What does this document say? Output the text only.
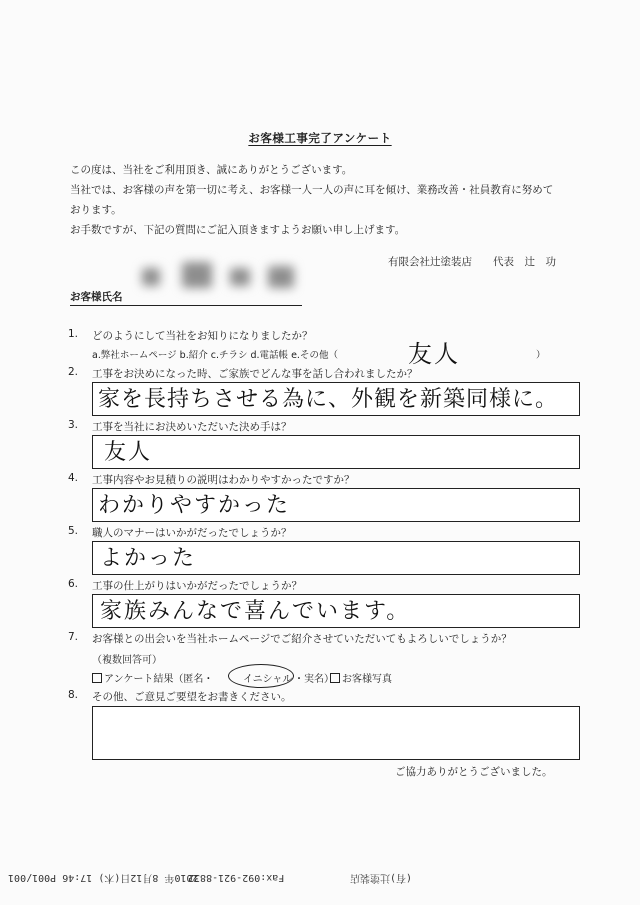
お客様工事完了アンケート
この度は、当社をご利用頂き、誠にありがとうございます。
当社では、お客様の声を第一切に考え、お客様一人一人の声に耳を傾け、業務改善・社員教育に努めて
おります。
お手数ですが、下記の質問にご記入頂きますようお願い申し上げます。
有限会社辻塗装店　　代表　辻　功
お客様氏名
1.	どのようにして当社をお知りになりましたか？
a.弊社ホームページ b.紹介 c.チラシ d.電話帳 e.その他（	友人	）
2.	工事をお決めになった時、ご家族でどんな事を話し合われましたか？
家を長持ちさせる為に、外観を新築同様に。
3.	工事を当社にお決めいただいた決め手は？
友人
4.	工事内容やお見積りの説明はわかりやすかったですか？
わかりやすかった
5.	職人のマナーはいかがだったでしょうか？
よかった
6.	工事の仕上がりはいかがだったでしょうか？
家族みんなで喜んでいます。
7.	お客様との出会いを当社ホームページでご紹介させていただいてもよろしいでしょうか？
（複数回答可）
アンケート結果（匿名・	イニシャル ・実名） お客様写真
8.	その他、ご意見ご要望をお書きください。
ご協力ありがとうございました。
(有)辻塗装店
Fax:092-921-8832
2010年 8月12日(木) 17:46 P001/001
